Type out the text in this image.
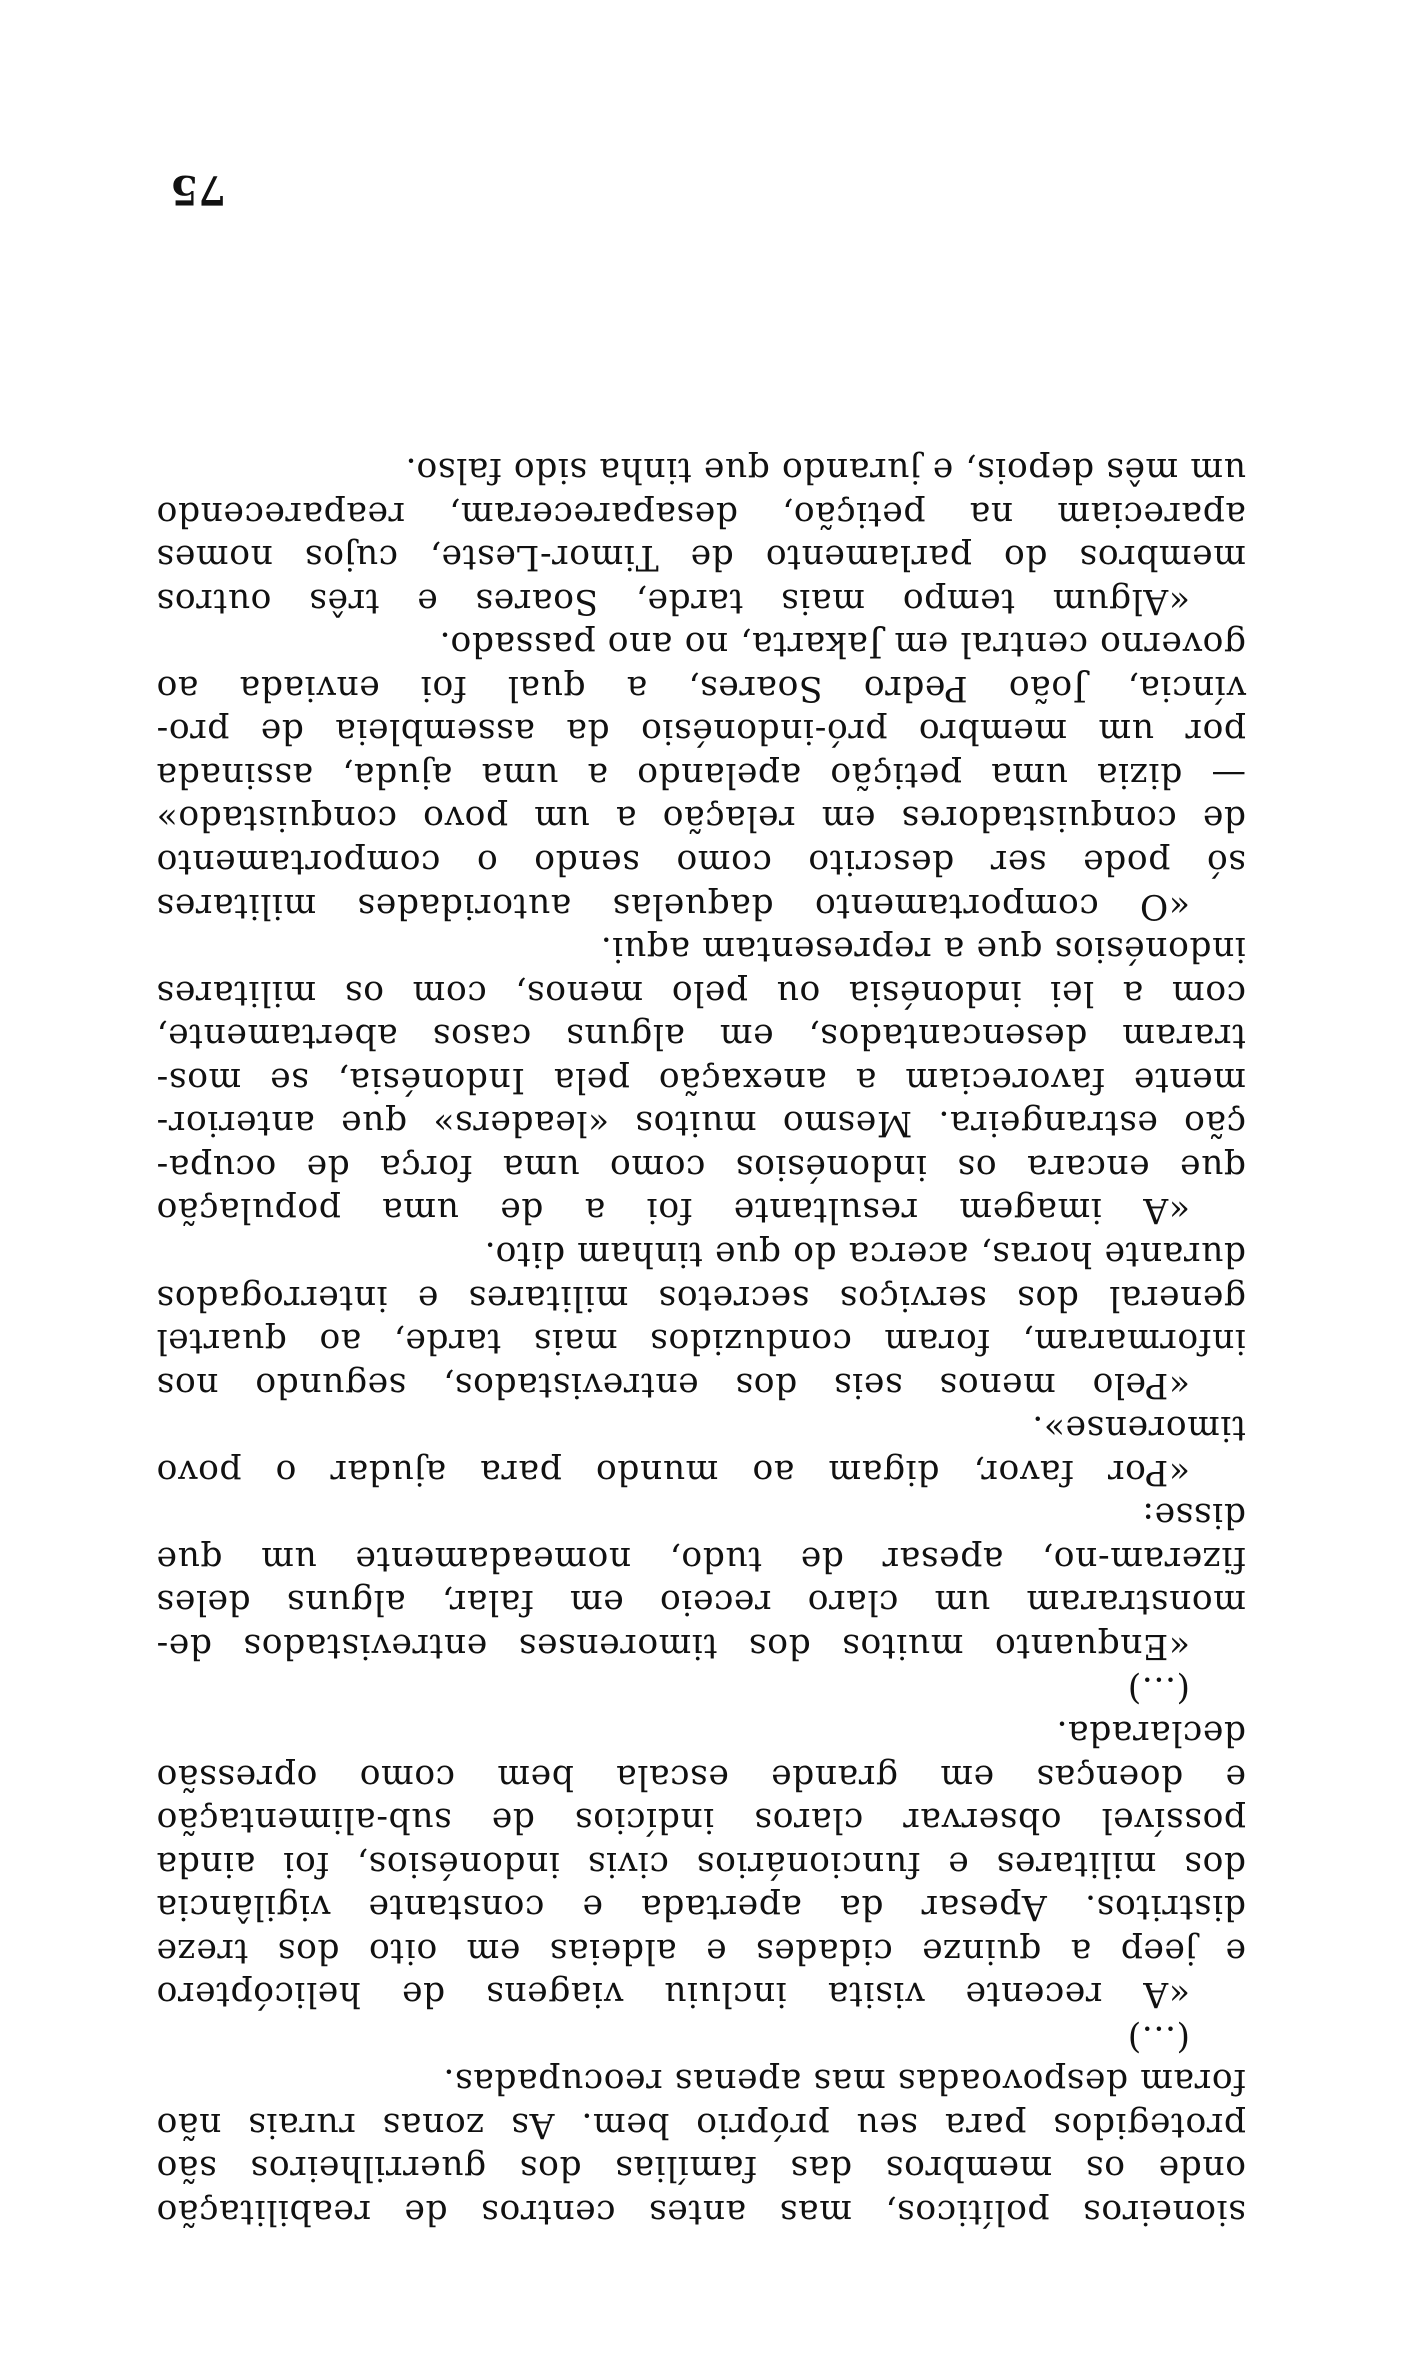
sioneiros políticos, mas antes centros de reabilitação
onde os membros das famílias dos guerrilheiros são
protegidos para seu próprio bem. As zonas rurais não
foram despovoadas mas apenas reocupadas.
(...)
«A recente visita incluiu viagens de helicóptero
e jeep a quinze cidades e aldeias em oito dos treze
distritos. Apesar da apertada e constante vigilância
dos militares e funcionários civis indonésios, foi ainda
possível observar claros indícios de sub-alimentação
e doenças em grande escala bem como opressão
declarada.
(...)
«Enquanto muitos dos timorenses entrevistados de-
monstraram um claro receio em falar, alguns deles
fizeram-no, apesar de tudo, nomeadamente um que
disse:
«Por favor, digam ao mundo para ajudar o povo
timorense».
«Pelo menos seis dos entrevistados, segundo nos
informaram, foram conduzidos mais tarde, ao quartel
general dos serviços secretos militares e interrogados
durante horas, acerca do que tinham dito.
«A imagem resultante foi a de uma população
que encara os indonésios como uma força de ocupa-
ção estrangeira. Mesmo muitos «leaders» que anterior-
mente favoreciam a anexação pela Indonésia, se mos-
traram desencantados, em alguns casos abertamente,
com a lei indonésia ou pelo menos, com os militares
indonésios que a representam aqui.
«O comportamento daquelas autoridades militares
só pode ser descrito como sendo o comportamento
de conquistadores em relação a um povo conquistado»
— dizia uma petição apelando a uma ajuda, assinada
por um membro pró-indonésio da assembleia de pro-
víncia, João Pedro Soares, a qual foi enviada ao
governo central em Jakarta, no ano passado.
«Algum tempo mais tarde, Soares e três outros
membros do parlamento de Timor-Leste, cujos nomes
apareciam na petição, desapareceram, reaparecendo
um mês depois, e jurando que tinha sido falso.
75
